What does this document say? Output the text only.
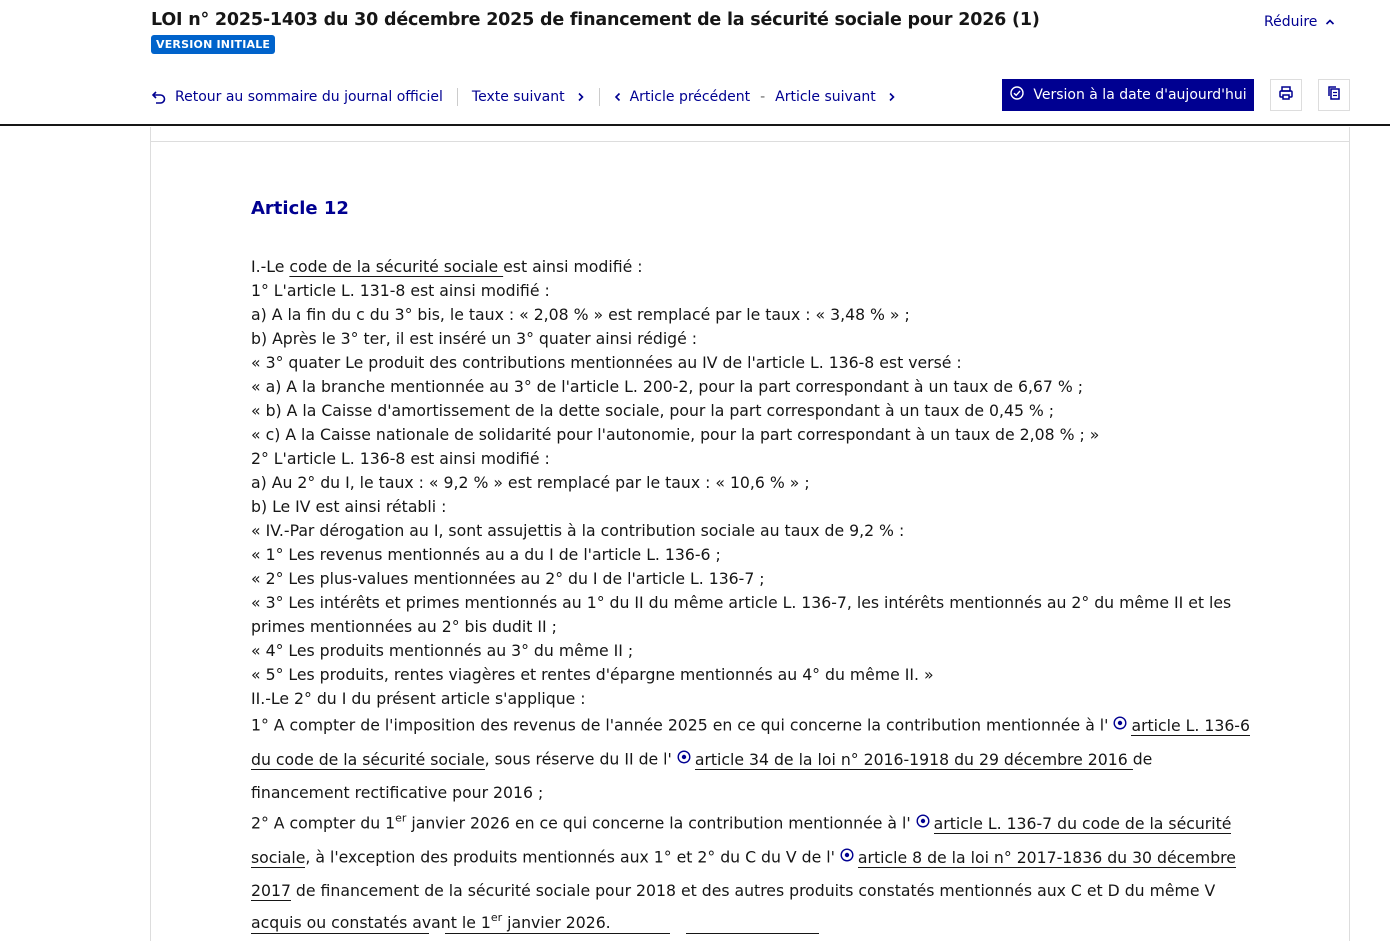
LOI n° 2025-1403 du 30 décembre 2025 de financement de la sécurité sociale pour 2026 (1)
VERSION INITIALE
Réduire
Retour au sommaire du journal officiel Texte suivant	Article précédent - Article suivant	Version à la date d'aujourd'hui
Article 12
I.-Le code de la sécurité sociale est ainsi modifié :
1° L'article L. 131-8 est ainsi modifié :
a) A la fin du c du 3° bis, le taux : « 2,08 % » est remplacé par le taux : « 3,48 % » ;
b) Après le 3° ter, il est inséré un 3° quater ainsi rédigé :
« 3° quater Le produit des contributions mentionnées au IV de l'article L. 136-8 est versé :
« a) A la branche mentionnée au 3° de l'article L. 200-2, pour la part correspondant à un taux de 6,67 % ;
« b) A la Caisse d'amortissement de la dette sociale, pour la part correspondant à un taux de 0,45 % ;
« c) A la Caisse nationale de solidarité pour l'autonomie, pour la part correspondant à un taux de 2,08 % ; »
2° L'article L. 136-8 est ainsi modifié :
a) Au 2° du I, le taux : « 9,2 % » est remplacé par le taux : « 10,6 % » ;
b) Le IV est ainsi rétabli :
« IV.-Par dérogation au I, sont assujettis à la contribution sociale au taux de 9,2 % :
« 1° Les revenus mentionnés au a du I de l'article L. 136-6 ;
« 2° Les plus-values mentionnées au 2° du I de l'article L. 136-7 ;
« 3° Les intérêts et primes mentionnés au 1° du II du même article L. 136-7, les intérêts mentionnés au 2° du même II et les primes mentionnées au 2° bis dudit II ;
« 4° Les produits mentionnés au 3° du même II ;
« 5° Les produits, rentes viagères et rentes d'épargne mentionnés au 4° du même II. »
II.-Le 2° du I du présent article s'applique :
1° A compter de l'imposition des revenus de l'année 2025 en ce qui concerne la contribution mentionnée à l' article L. 136-6 du code de la sécurité sociale, sous réserve du II de l' article 34 de la loi n° 2016-1918 du 29 décembre 2016 de financement rectificative pour 2016 ;
2° A compter du 1er janvier 2026 en ce qui concerne la contribution mentionnée à l' article L. 136-7 du code de la sécurité sociale, à l'exception des produits mentionnés aux 1° et 2° du C du V de l' article 8 de la loi n° 2017-1836 du 30 décembre 2017 de financement de la sécurité sociale pour 2018 et des autres produits constatés mentionnés aux C et D du même V acquis ou constatés avant le 1er janvier 2026.
